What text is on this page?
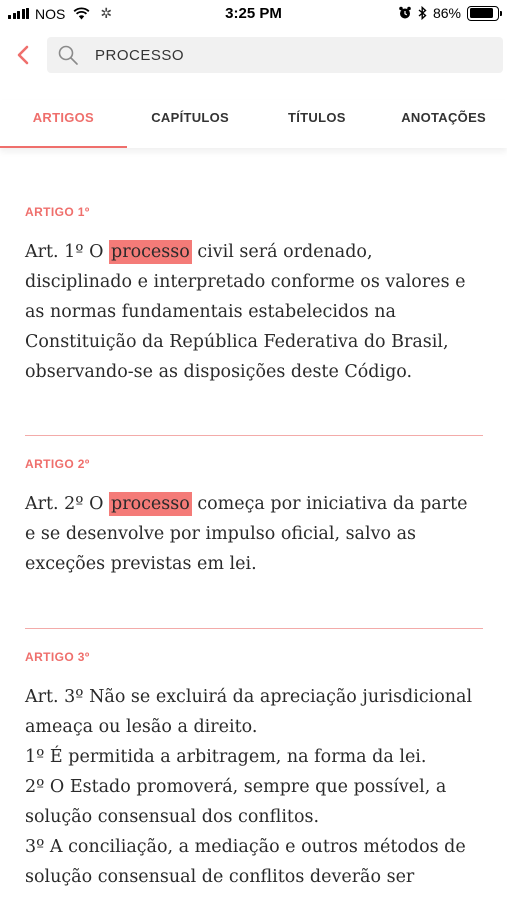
NOS	✲	3:25 PM	86%
PROCESSO
ARTIGOS	CAPÍTULOS	TÍTULOS	ANOTAÇÕES
ARTIGO 1º

Art. 1º O processo civil será ordenado,

disciplinado e interpretado conforme os valores e

as normas fundamentais estabelecidos na

Constituição da República Federativa do Brasil,

observando-se as disposições deste Código.

ARTIGO 2º

Art. 2º O processo começa por iniciativa da parte

e se desenvolve por impulso oficial, salvo as

exceções previstas em lei.

ARTIGO 3º

Art. 3º Não se excluirá da apreciação jurisdicional

ameaça ou lesão a direito.

1º É permitida a arbitragem, na forma da lei.

2º O Estado promoverá, sempre que possível, a

solução consensual dos conflitos.

3º A conciliação, a mediação e outros métodos de

solução consensual de conflitos deverão ser
